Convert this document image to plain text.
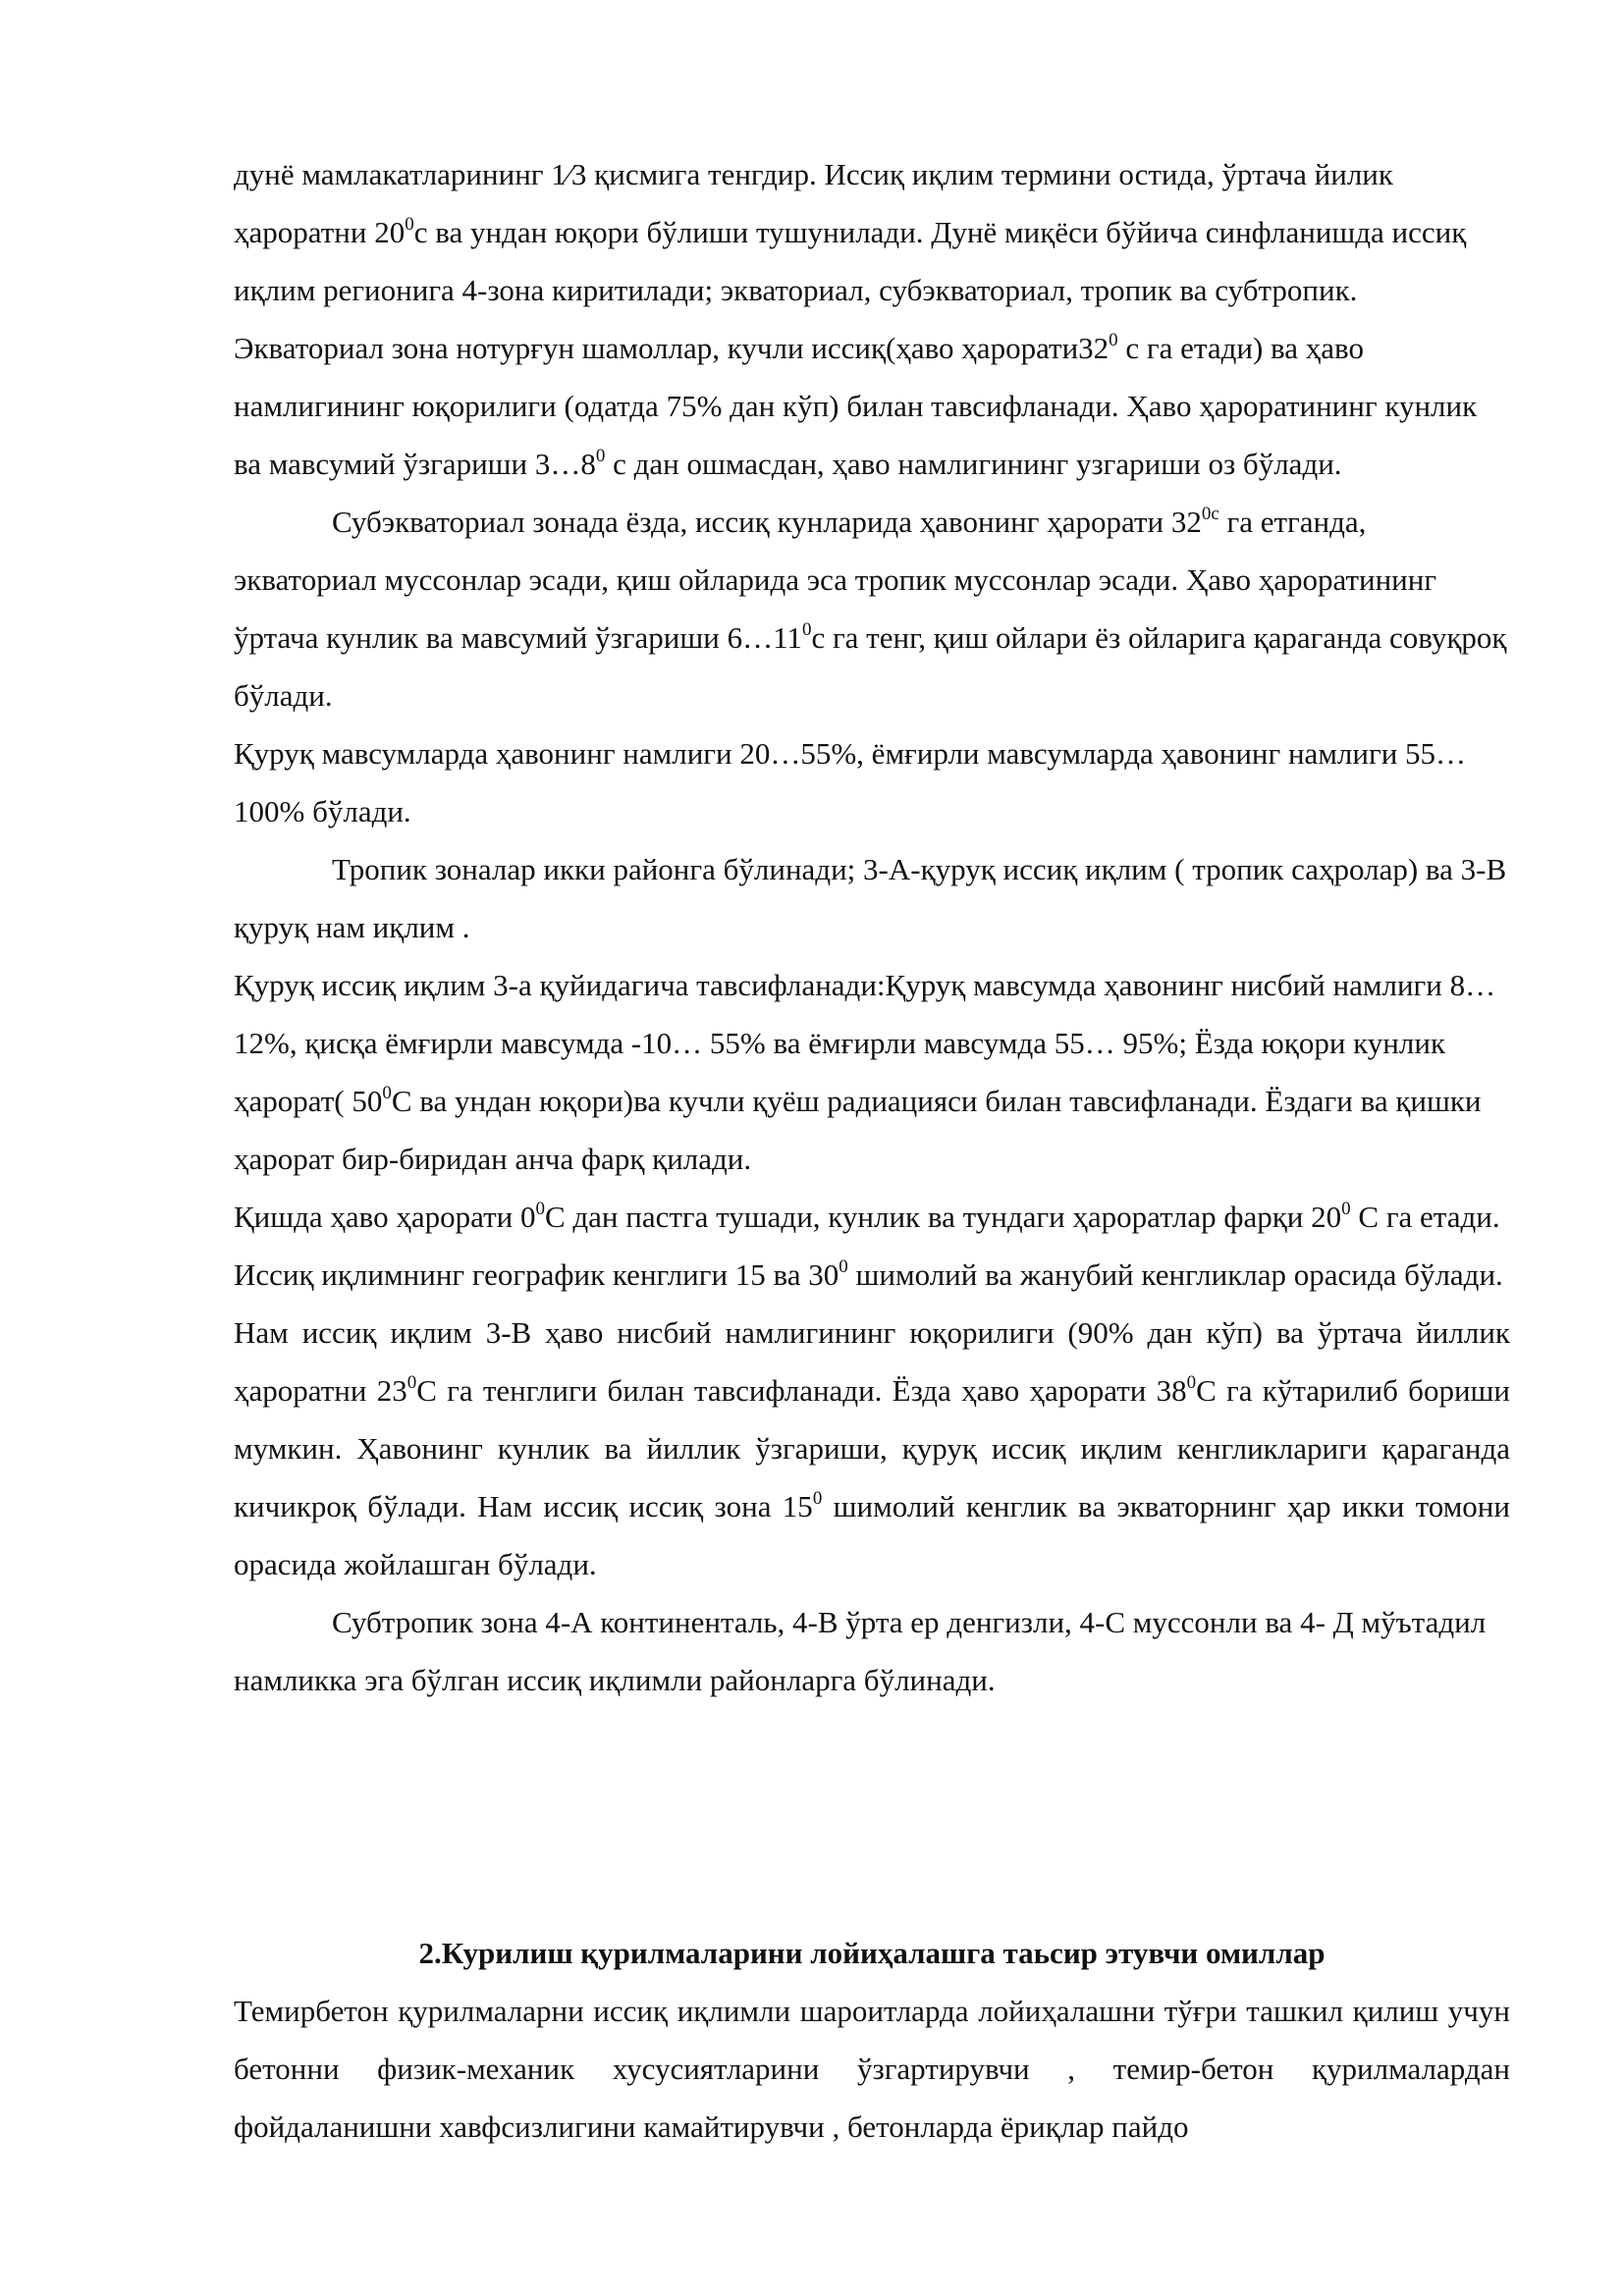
дунё мамлакатларининг 1⁄3 қисмига тенгдир. Иссиқ иқлим термини остида, ўртача йилик ҳароратни $20^0с$ ва ундан юқори бўлиши тушунилади. Дунё миқёси бўйича синфланишда иссиқ иқлим регионига 4-зона киритилади; экваториал, субэкваториал, тропик ва субтропик.

Экваториал зона нотурғун шамоллар, кучли иссиқ(ҳаво $ҳарорати32^0$ с га етади) ва ҳаво намлигининг юқорилиги (одатда 75% дан кўп) билан тавсифланади. Ҳаво ҳароратининг кунлик ва мавсумий ўзгариши $3\dots 8^0$ с дан ошмасдан, ҳаво намлигининг узгариши оз бўлади.

Субэкваториал зонада ёзда, иссиқ кунларида ҳавонинг ҳарорати $32^{0c}$ га етганда, экваториал муссонлар эсади, қиш ойларида эса тропик муссонлар эсади. Ҳаво ҳароратининг ўртача кунлик ва мавсумий ўзгариши $6\dots 11^0с$ га тенг, қиш ойлари ёз ойларига қараганда совуқроқ бўлади.

Қуруқ мавсумларда ҳавонинг намлиги 20…55%, ёмғирли мавсумларда ҳавонинг намлиги 55… 100% бўлади.

Тропик зоналар икки районга бўлинади; 3-А-қуруқ иссиқ иқлим ( тропик саҳролар) ва 3-В қуруқ нам иқлим .

Қуруқ иссиқ иқлим 3-а қуйидагича тавсифланади:Қуруқ мавсумда ҳавонинг нисбий намлиги 8… 12%, қисқа ёмғирли мавсумда -10… 55% ва ёмғирли мавсумда 55… 95%; Ёзда юқори кунлик ҳарорат( $50^0С$ ва ундан юқори)ва кучли қуёш радиацияси билан тавсифланади. Ёздаги ва қишки ҳарорат бир-биридан анча фарқ қилади.

Қишда ҳаво ҳарорати $0^0С$ дан пастга тушади, кунлик ва тундаги ҳароратлар фарқи $20^0$ С га етади. Иссиқ иқлимнинг географик кенглиги 15 ва $30^0$ шимолий ва жанубий кенгликлар орасида бўлади.

Нам иссиқ иқлим 3-В ҳаво нисбий намлигининг юқорилиги (90% дан кўп) ва ўртача йиллик ҳароратни $23^0С$ га тенглиги билан тавсифланади. Ёзда ҳаво ҳарорати $38^0С$ га кўтарилиб бориши мумкин. Ҳавонинг кунлик ва йиллик ўзгариши, қуруқ иссиқ иқлим кенгликлариги қараганда кичикроқ бўлади. Нам иссиқ иссиқ зона $15^0$ шимолий кенглик ва экваторнинг ҳар икки томони орасида жойлашган бўлади.

Субтропик зона 4-А континенталь, 4-В ўрта ер денгизли, 4-С муссонли ва 4- Д мўътадил намликка эга бўлган иссиқ иқлимли районларга бўлинади.

2.Курилиш қурилмаларини лойиҳалашга таьсир этувчи омиллар

Темирбетон қурилмаларни иссиқ иқлимли шароитларда лойиҳалашни тўғри ташкил қилиш учун бетонни физик-механик хусусиятларини ўзгартирувчи , темир-бетон қурилмалардан фойдаланишни хавфсизлигини камайтирувчи , бетонларда ёриқлар пайдо
